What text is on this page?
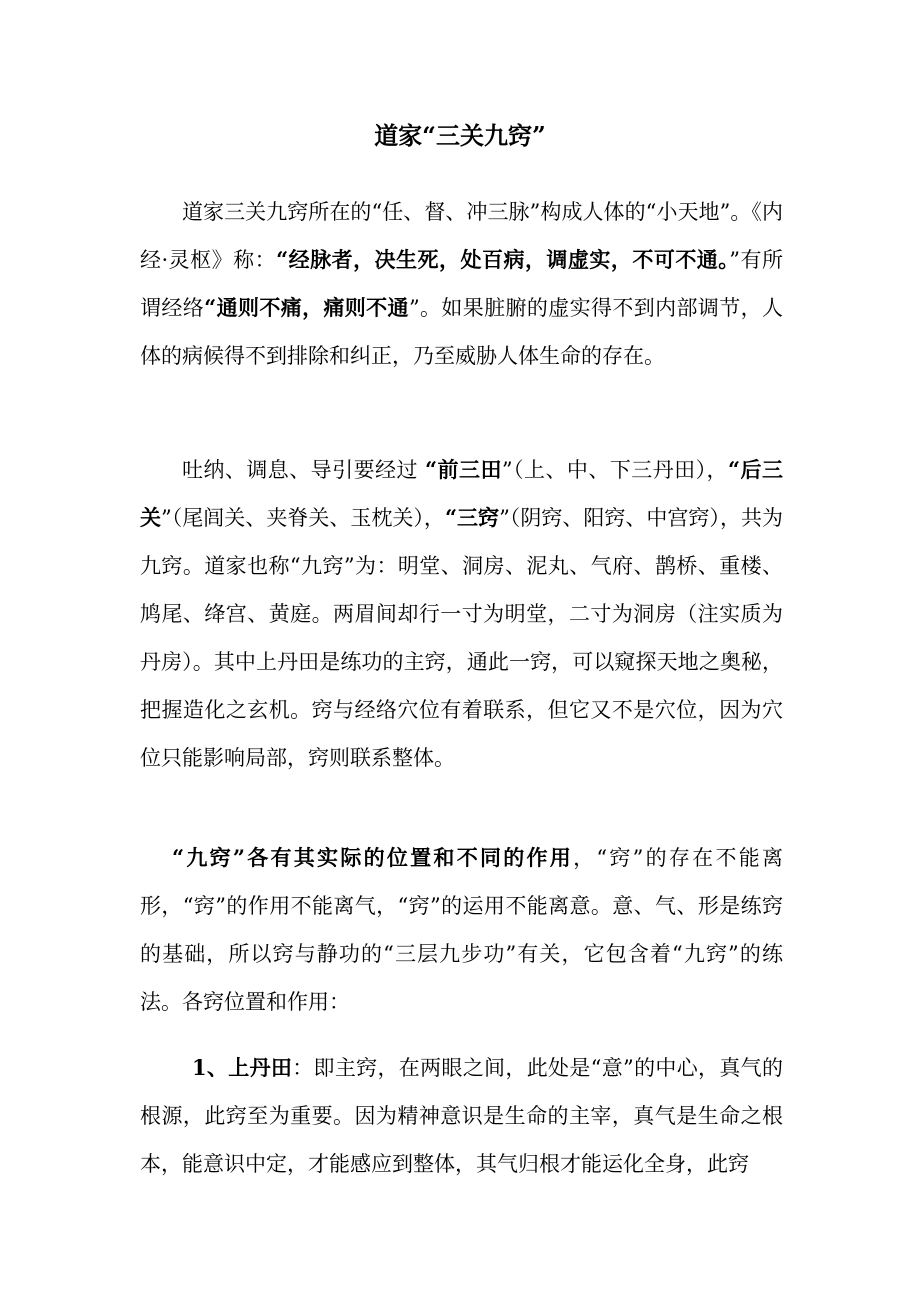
道家“三关九窍”
道家三关九窍所在的“任、督、冲三脉”构成人体的“小天地”。《内经·灵枢》称：“经脉者，决生死，处百病，调虚实，不可不通。”有所谓经络“通则不痛，痛则不通”。如果脏腑的虚实得不到内部调节，人体的病候得不到排除和纠正，乃至威胁人体生命的存在。
吐纳、调息、导引要经过 “前三田”（上、中、下三丹田），“后三关”（尾闾关、夹脊关、玉枕关），“三窍”（阴窍、阳窍、中宫窍），共为九窍。道家也称“九窍”为：明堂、洞房、泥丸、气府、鹊桥、重楼、鸠尾、绛宫、黄庭。两眉间却行一寸为明堂，二寸为洞房（注实质为丹房）。其中上丹田是练功的主窍，通此一窍，可以窥探天地之奥秘，把握造化之玄机。窍与经络穴位有着联系，但它又不是穴位，因为穴位只能影响局部，窍则联系整体。
“九窍”各有其实际的位置和不同的作用，“窍”的存在不能离形，“窍”的作用不能离气，“窍”的运用不能离意。意、气、形是练窍的基础，所以窍与静功的“三层九步功”有关，它包含着“九窍”的练法。各窍位置和作用：
1、上丹田：即主窍，在两眼之间，此处是“意”的中心，真气的根源，此窍至为重要。因为精神意识是生命的主宰，真气是生命之根本，能意识中定，才能感应到整体，其气归根才能运化全身，此窍
